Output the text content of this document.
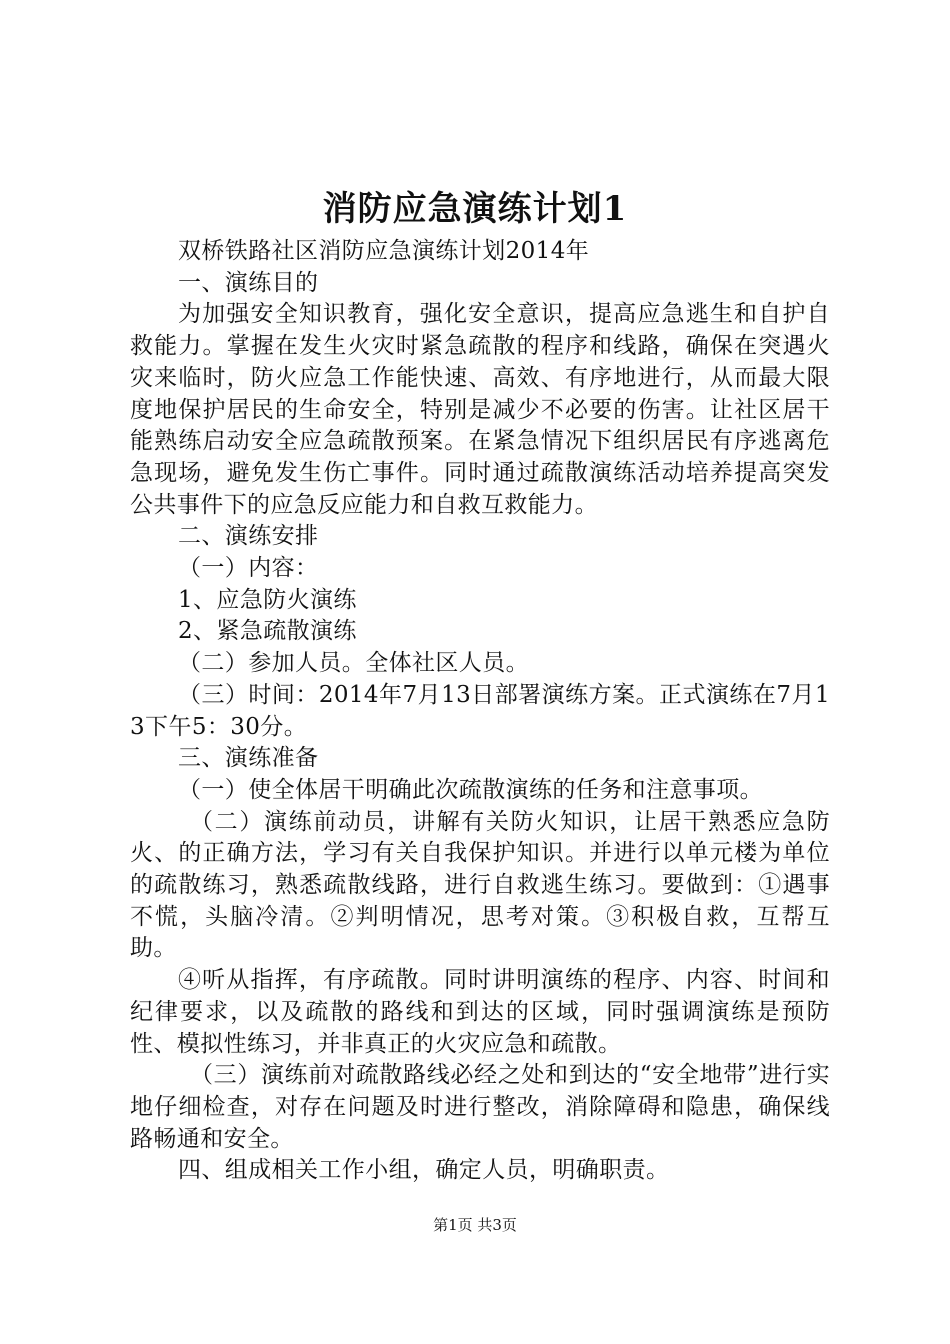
消防应急演练计划1

双桥铁路社区消防应急演练计划2014年

一、演练目的

为加强安全知识教育，强化安全意识，提高应急逃生和自护自救能力。掌握在发生火灾时紧急疏散的程序和线路，确保在突遇火灾来临时，防火应急工作能快速、高效、有序地进行，从而最大限度地保护居民的生命安全，特别是减少不必要的伤害。让社区居干能熟练启动安全应急疏散预案。在紧急情况下组织居民有序逃离危急现场，避免发生伤亡事件。同时通过疏散演练活动培养提高突发公共事件下的应急反应能力和自救互救能力。

二、演练安排

（一）内容：

1、应急防火演练

2、紧急疏散演练

（二）参加人员。全体社区人员。

（三）时间：2014年7月13日部署演练方案。正式演练在7月13下午5：30分。

三、演练准备

（一）使全体居干明确此次疏散演练的任务和注意事项。

（二）演练前动员，讲解有关防火知识，让居干熟悉应急防火、的正确方法，学习有关自我保护知识。并进行以单元楼为单位的疏散练习，熟悉疏散线路，进行自救逃生练习。要做到：①遇事不慌，头脑冷清。②判明情况，思考对策。③积极自救，互帮互助。

④听从指挥，有序疏散。同时讲明演练的程序、内容、时间和纪律要求，以及疏散的路线和到达的区域，同时强调演练是预防性、模拟性练习，并非真正的火灾应急和疏散。

（三）演练前对疏散路线必经之处和到达的“安全地带”进行实地仔细检查，对存在问题及时进行整改，消除障碍和隐患，确保线路畅通和安全。

四、组成相关工作小组，确定人员，明确职责。

第1页 共3页
